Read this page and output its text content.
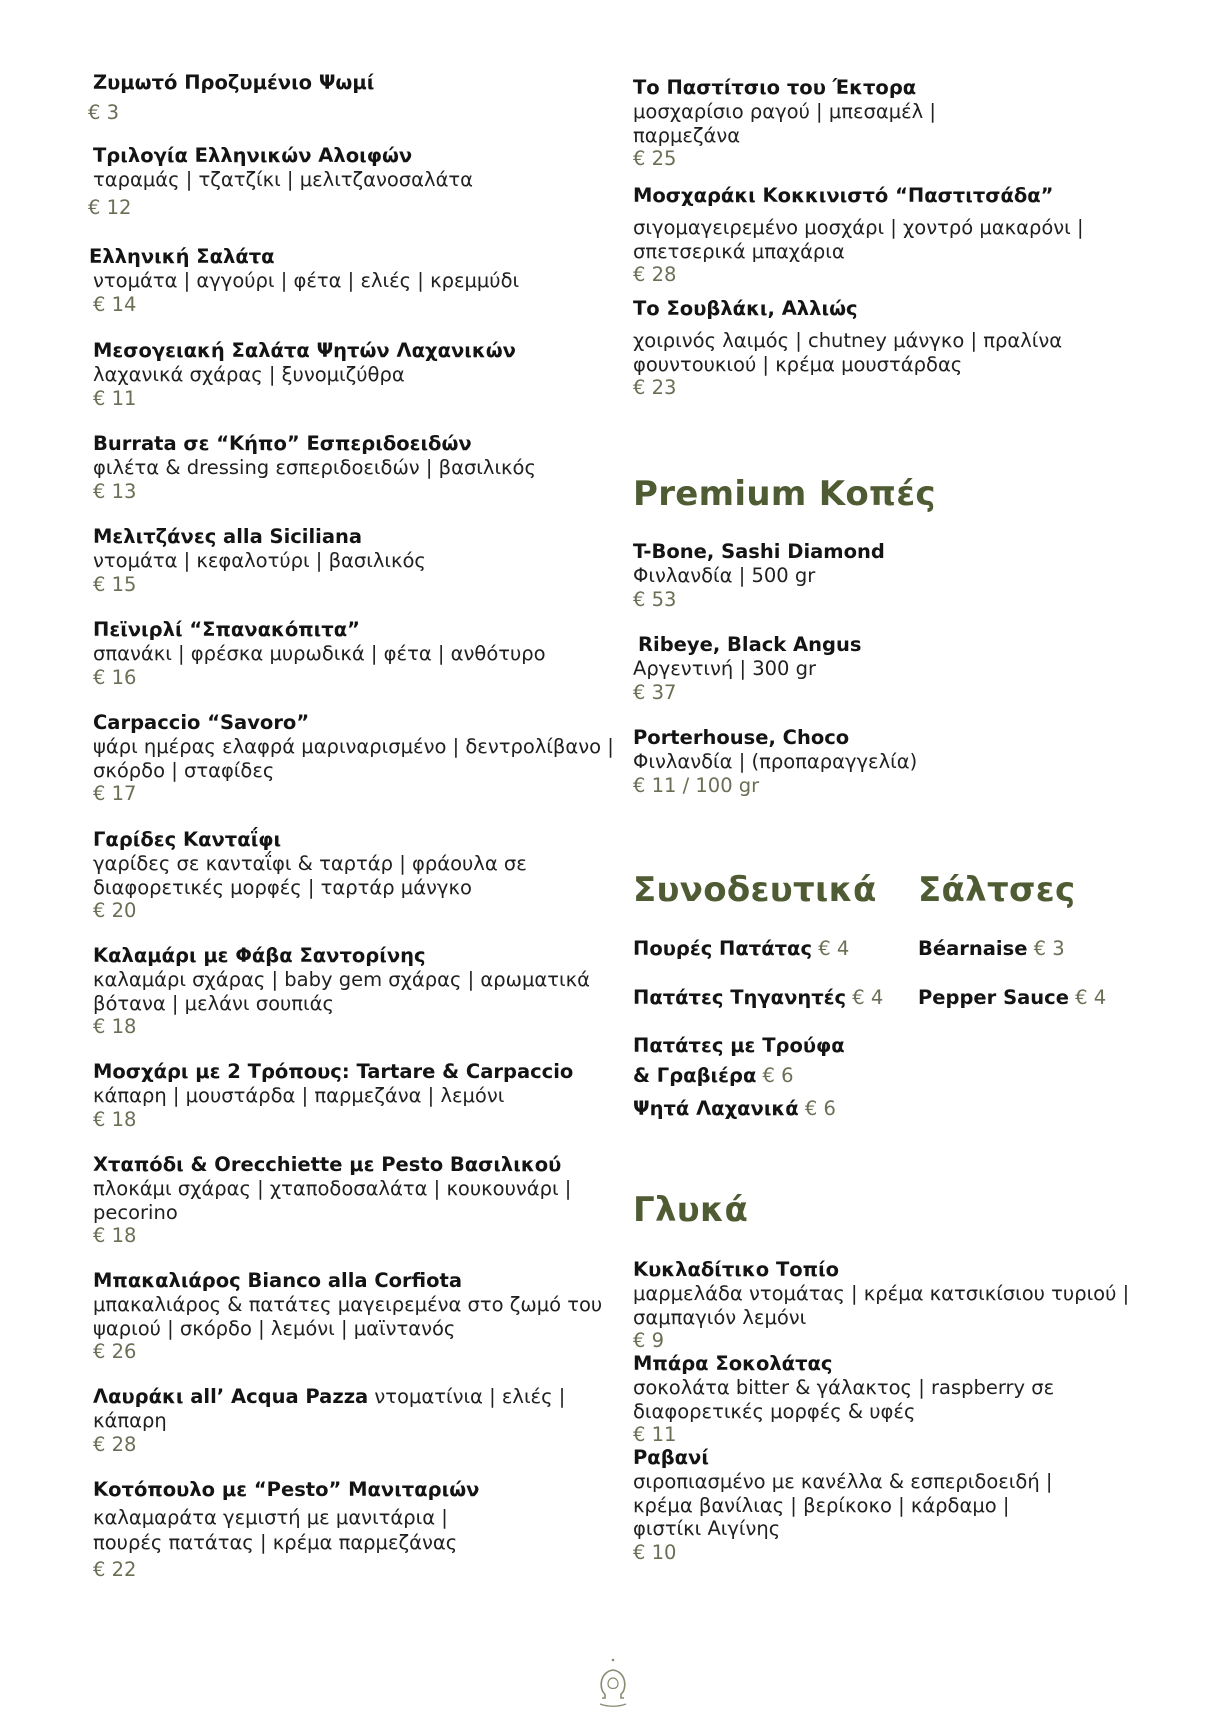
Ζυμωτό Προζυμένιο Ψωμί
€ 3
Τριλογία Ελληνικών Αλοιφών
ταραμάς | τζατζίκι | μελιτζανοσαλάτα
€ 12
Ελληνική Σαλάτα
ντομάτα | αγγούρι | φέτα | ελιές | κρεμμύδι
€ 14
Μεσογειακή Σαλάτα Ψητών Λαχανικών
λαχανικά σχάρας | ξυνομιζύθρα
€ 11
Burrata σε “Κήπο” Εσπεριδοειδών
φιλέτα & dressing εσπεριδοειδών | βασιλικός
€ 13
Μελιτζάνες alla Siciliana
ντομάτα | κεφαλοτύρι | βασιλικός
€ 15
Πεϊνιρλί “Σπανακόπιτα”
σπανάκι | φρέσκα μυρωδικά | φέτα | ανθότυρο
€ 16
Carpaccio “Savoro”
ψάρι ημέρας ελαφρά μαριναρισμένο | δεντρολίβανο | σκόρδο | σταφίδες
€ 17
Γαρίδες Κανταΐφι
γαρίδες σε κανταΐφι & ταρτάρ | φράουλα σε διαφορετικές μορφές | ταρτάρ μάνγκο
€ 20
Καλαμάρι με Φάβα Σαντορίνης
καλαμάρι σχάρας | baby gem σχάρας | αρωματικά βότανα | μελάνι σουπιάς
€ 18
Μοσχάρι με 2 Τρόπους: Tartare & Carpaccio
κάπαρη | μουστάρδα | παρμεζάνα | λεμόνι
€ 18
Χταπόδι & Orecchiette με Pesto Βασιλικού
πλοκάμι σχάρας | χταποδοσαλάτα | κουκουνάρι | pecorino
€ 18
Μπακαλιάρος Bianco alla Corfiota
μπακαλιάρος & πατάτες μαγειρεμένα στο ζωμό του ψαριού | σκόρδο | λεμόνι | μαϊντανός
€ 26
Λαυράκι all’ Acqua Pazza ντοματίνια | ελιές | κάπαρη
€ 28
Κοτόπουλο με “Pesto” Μανιταριών
καλαμαράτα γεμιστή με μανιτάρια | πουρές πατάτας | κρέμα παρμεζάνας
€ 22
Το Παστίτσιο του Έκτορα
μοσχαρίσιο ραγού | μπεσαμέλ | παρμεζάνα
€ 25
Μοσχαράκι Κοκκινιστό “Παστιτσάδα”
σιγομαγειρεμένο μοσχάρι | χοντρό μακαρόνι | σπετσερικά μπαχάρια
€ 28
Το Σουβλάκι, Αλλιώς
χοιρινός λαιμός | chutney μάνγκο | πραλίνα φουντουκιού | κρέμα μουστάρδας
€ 23
Premium Κοπές
T-Bone, Sashi Diamond
Φινλανδία | 500 gr
€ 53
Ribeye, Black Angus
Αργεντινή | 300 gr
€ 37
Porterhouse, Choco
Φινλανδία | (προπαραγγελία)
€ 11 / 100 gr
Συνοδευτικά
Πουρές Πατάτας € 4
Πατάτες Τηγανητές € 4
Πατάτες με Τρούφα
& Γραβιέρα € 6
Ψητά Λαχανικά € 6
Σάλτσες
Béarnaise € 3
Pepper Sauce € 4
Γλυκά
Κυκλαδίτικο Τοπίο
μαρμελάδα ντομάτας | κρέμα κατσικίσιου τυριού | σαμπαγιόν λεμόνι
€ 9
Μπάρα Σοκολάτας
σοκολάτα bitter & γάλακτος | raspberry σε διαφορετικές μορφές & υφές
€ 11
Ραβανί
σιροπιασμένο με κανέλλα & εσπεριδοειδή | κρέμα βανίλιας | βερίκοκο | κάρδαμο | φιστίκι Αιγίνης
€ 10
